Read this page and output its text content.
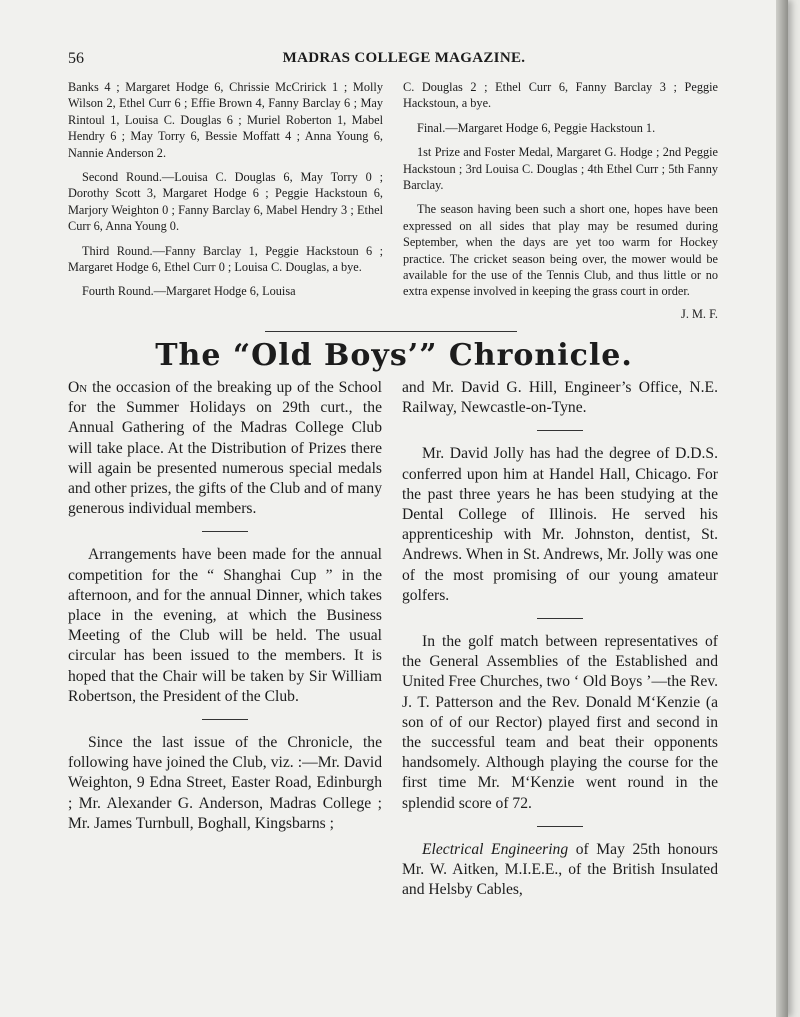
56	MADRAS COLLEGE MAGAZINE.

Banks 4 ; Margaret Hodge 6, Chrissie McCririck 1 ; Molly Wilson 2, Ethel Curr 6 ; Effie Brown 4, Fanny Barclay 6 ; May Rintoul 1, Louisa C. Douglas 6 ; Muriel Roberton 1, Mabel Hendry 6 ; May Torry 6, Bessie Moffatt 4 ; Anna Young 6, Nannie Anderson 2.

Second Round.—Louisa C. Douglas 6, May Torry 0 ; Dorothy Scott 3, Margaret Hodge 6 ; Peggie Hackstoun 6, Marjory Weighton 0 ; Fanny Barclay 6, Mabel Hendry 3 ; Ethel Curr 6, Anna Young 0.

Third Round.—Fanny Barclay 1, Peggie Hackstoun 6 ; Margaret Hodge 6, Ethel Curr 0 ; Louisa C. Douglas, a bye.

Fourth Round.—Margaret Hodge 6, Louisa

C. Douglas 2 ; Ethel Curr 6, Fanny Barclay 3 ; Peggie Hackstoun, a bye.

Final.—Margaret Hodge 6, Peggie Hackstoun 1.

1st Prize and Foster Medal, Margaret G. Hodge ; 2nd Peggie Hackstoun ; 3rd Louisa C. Douglas ; 4th Ethel Curr ; 5th Fanny Barclay.

The season having been such a short one, hopes have been expressed on all sides that play may be resumed during September, when the days are yet too warm for Hockey practice. The cricket season being over, the mower would be available for the use of the Tennis Club, and thus little or no extra expense involved in keeping the grass court in order.

J. M. F.

The “Old Boys’” Chronicle.

On the occasion of the breaking up of the School for the Summer Holidays on 29th curt., the Annual Gathering of the Madras College Club will take place. At the Distribution of Prizes there will again be presented numerous special medals and other prizes, the gifts of the Club and of many generous individual members.

Arrangements have been made for the annual competition for the “ Shanghai Cup ” in the afternoon, and for the annual Dinner, which takes place in the evening, at which the Business Meeting of the Club will be held. The usual circular has been issued to the members. It is hoped that the Chair will be taken by Sir William Robertson, the President of the Club.

Since the last issue of the Chronicle, the following have joined the Club, viz. :—Mr. David Weighton, 9 Edna Street, Easter Road, Edinburgh ; Mr. Alexander G. Anderson, Madras College ; Mr. James Turnbull, Boghall, Kingsbarns ;

and Mr. David G. Hill, Engineer’s Office, N.E. Railway, Newcastle-on-Tyne.

Mr. David Jolly has had the degree of D.D.S. conferred upon him at Handel Hall, Chicago. For the past three years he has been studying at the Dental College of Illinois. He served his apprenticeship with Mr. Johnston, dentist, St. Andrews. When in St. Andrews, Mr. Jolly was one of the most promising of our young amateur golfers.

In the golf match between representatives of the General Assemblies of the Established and United Free Churches, two ‘ Old Boys ’—the Rev. J. T. Patterson and the Rev. Donald M‘Kenzie (a son of of our Rector) played first and second in the successful team and beat their opponents handsomely. Although playing the course for the first time Mr. M‘Kenzie went round in the splendid score of 72.

Electrical Engineering of May 25th honours Mr. W. Aitken, M.I.E.E., of the British Insulated and Helsby Cables,
